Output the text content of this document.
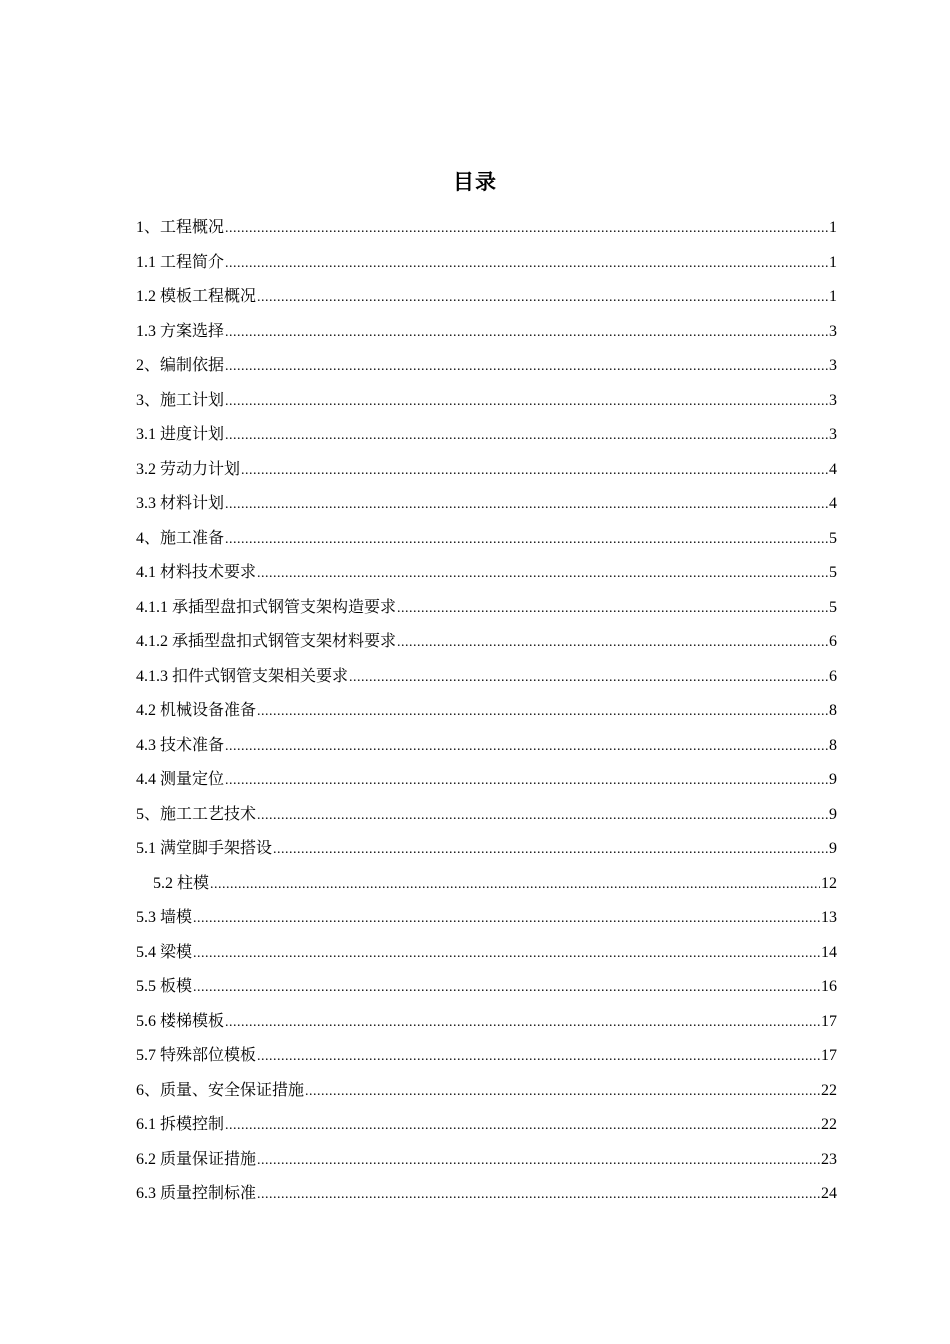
目录
1、工程概况 .....	1
1.1 工程简介 .....	1
1.2 模板工程概况 .....	1
1.3 方案选择 .....	3
2、编制依据 .....	3
3、施工计划 .....	3
3.1 进度计划 .....	3
3.2 劳动力计划 .....	4
3.3 材料计划 .....	4
4、施工准备 .....	5
4.1 材料技术要求 .....	5
4.1.1 承插型盘扣式钢管支架构造要求 .....	5
4.1.2 承插型盘扣式钢管支架材料要求 .....	6
4.1.3 扣件式钢管支架相关要求 .....	6
4.2 机械设备准备 .....	8
4.3 技术准备 .....	8
4.4 测量定位 .....	9
5、施工工艺技术 .....	9
5.1 满堂脚手架搭设 .....	9
5.2 柱模 .....	12
5.3 墙模 .....	13
5.4 梁模 .....	14
5.5 板模 .....	16
5.6 楼梯模板 .....	17
5.7 特殊部位模板 .....	17
6、质量、安全保证措施 .....	22
6.1 拆模控制 .....	22
6.2 质量保证措施 .....	23
6.3 质量控制标准 .....	24
